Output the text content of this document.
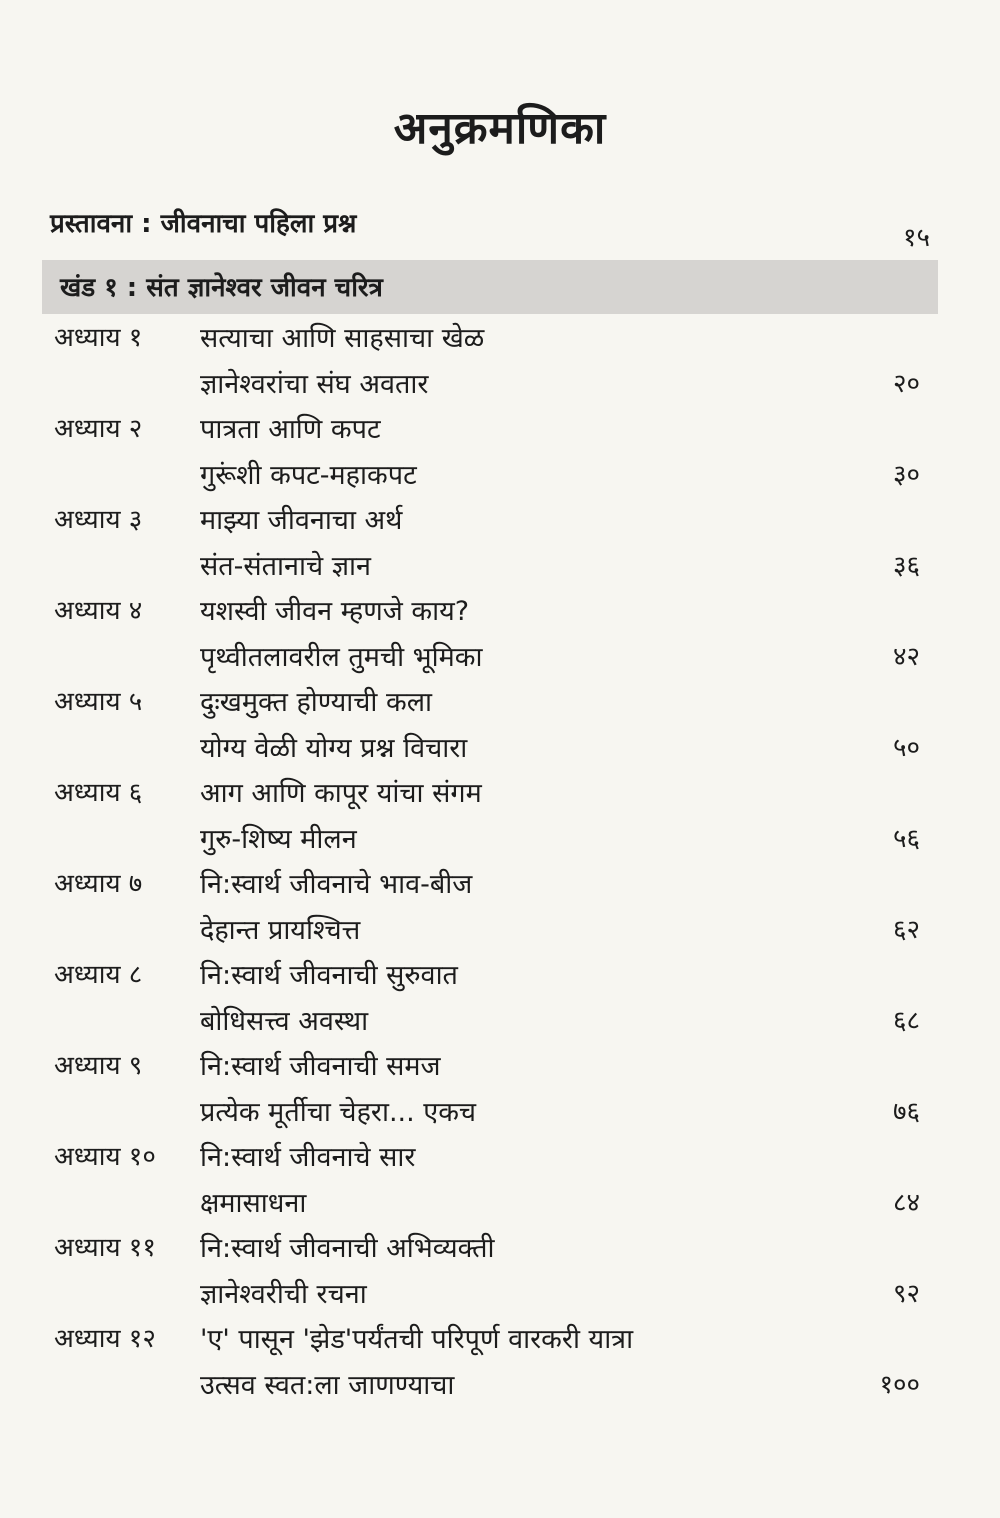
अनुक्रमणिका
प्रस्तावना : जीवनाचा पहिला प्रश्न	१५
खंड १ : संत ज्ञानेश्वर जीवन चरित्र
अध्याय १ सत्याचा आणि साहसाचा खेळ
ज्ञानेश्वरांचा संघ अवतार	२०
अध्याय २ पात्रता आणि कपट
गुरूंशी कपट-महाकपट	३०
अध्याय ३ माझ्या जीवनाचा अर्थ
संत-संतानाचे ज्ञान	३६
अध्याय ४ यशस्वी जीवन म्हणजे काय?
पृथ्वीतलावरील तुमची भूमिका	४२
अध्याय ५ दुःखमुक्त होण्याची कला
योग्य वेळी योग्य प्रश्न विचारा	५०
अध्याय ६ आग आणि कापूर यांचा संगम
गुरु-शिष्य मीलन	५६
अध्याय ७ नि:स्वार्थ जीवनाचे भाव-बीज
देहान्त प्रायश्चित्त	६२
अध्याय ८ नि:स्वार्थ जीवनाची सुरुवात
बोधिसत्त्व अवस्था	६८
अध्याय ९ नि:स्वार्थ जीवनाची समज
प्रत्येक मूर्तीचा चेहरा... एकच	७६
अध्याय १० नि:स्वार्थ जीवनाचे सार
क्षमासाधना	८४
अध्याय ११ नि:स्वार्थ जीवनाची अभिव्यक्ती
ज्ञानेश्वरीची रचना	९२
अध्याय १२ 'ए' पासून 'झेड'पर्यंतची परिपूर्ण वारकरी यात्रा
उत्सव स्वत:ला जाणण्याचा	१००
